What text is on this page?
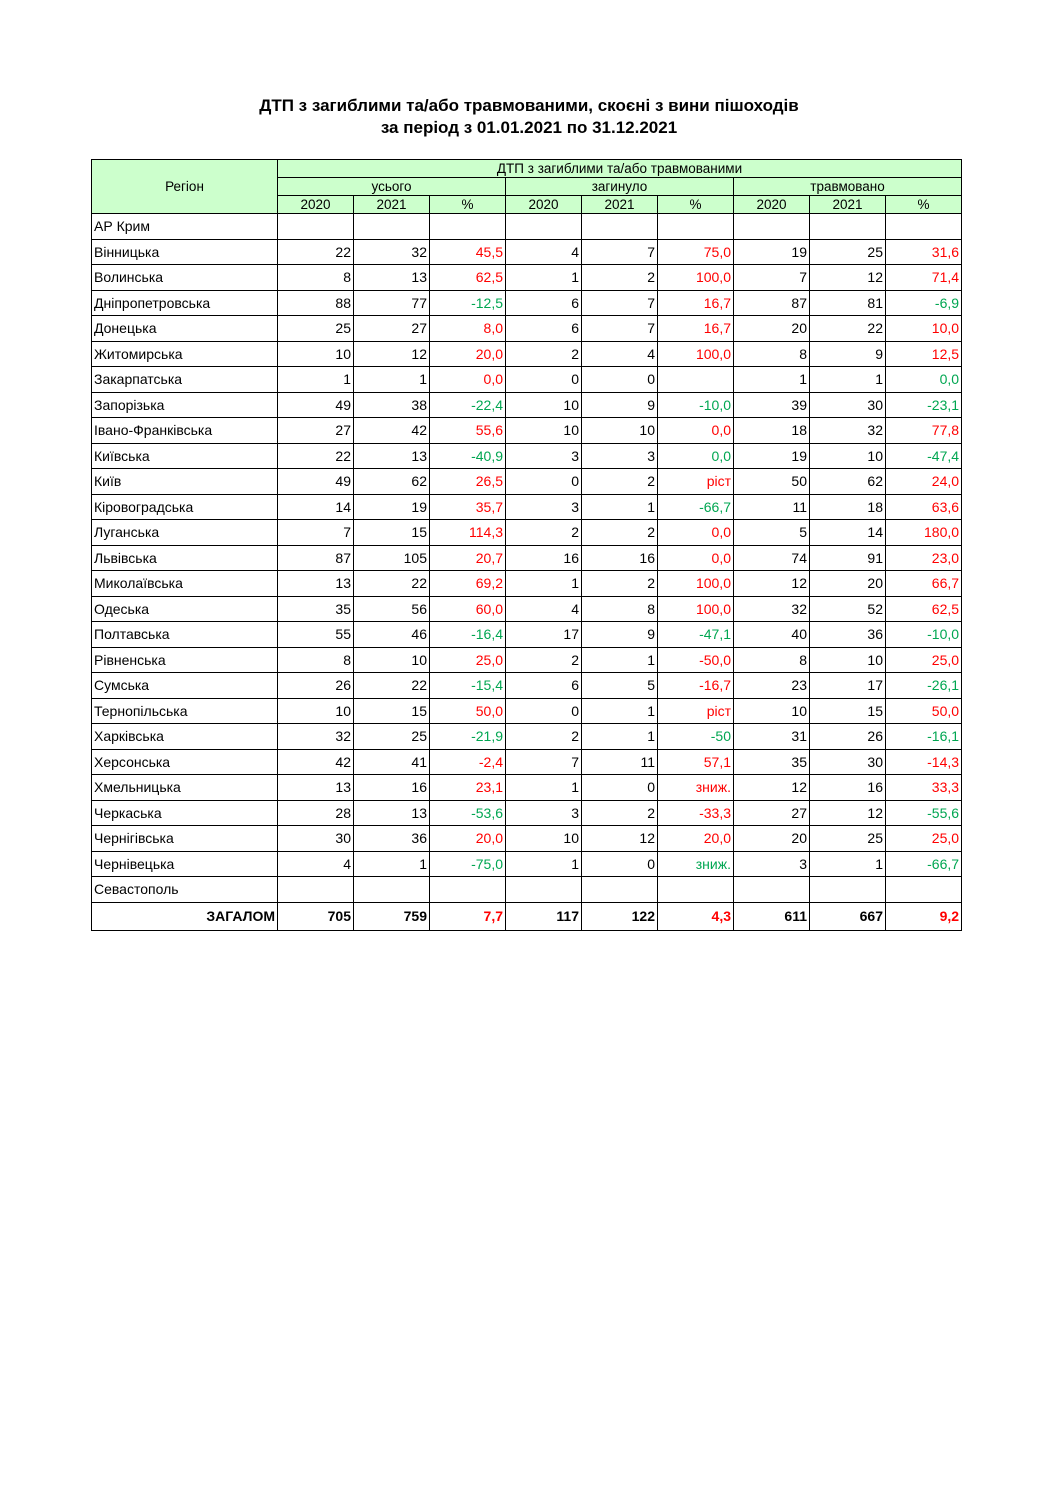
ДТП з загиблими та/або травмованими, скоєні з вини пішоходів
за період з 01.01.2021 по 31.12.2021
Регіон	ДТП з загиблими та/або травмованими								
	усього			загинуло			травмовано		
	2020	2021	%	2020	2021	%	2020	2021	%
АР Крим									
Вінницька	22	32	45,5	4	7	75,0	19	25	31,6
Волинська	8	13	62,5	1	2	100,0	7	12	71,4
Дніпропетровська	88	77	-12,5	6	7	16,7	87	81	-6,9
Донецька	25	27	8,0	6	7	16,7	20	22	10,0
Житомирська	10	12	20,0	2	4	100,0	8	9	12,5
Закарпатська	1	1	0,0	0	0		1	1	0,0
Запорізька	49	38	-22,4	10	9	-10,0	39	30	-23,1
Івано-Франківська	27	42	55,6	10	10	0,0	18	32	77,8
Київська	22	13	-40,9	3	3	0,0	19	10	-47,4
Київ	49	62	26,5	0	2	ріст	50	62	24,0
Кіровоградська	14	19	35,7	3	1	-66,7	11	18	63,6
Луганська	7	15	114,3	2	2	0,0	5	14	180,0
Львівська	87	105	20,7	16	16	0,0	74	91	23,0
Миколаївська	13	22	69,2	1	2	100,0	12	20	66,7
Одеська	35	56	60,0	4	8	100,0	32	52	62,5
Полтавська	55	46	-16,4	17	9	-47,1	40	36	-10,0
Рівненська	8	10	25,0	2	1	-50,0	8	10	25,0
Сумська	26	22	-15,4	6	5	-16,7	23	17	-26,1
Тернопільська	10	15	50,0	0	1	ріст	10	15	50,0
Харківська	32	25	-21,9	2	1	-50	31	26	-16,1
Херсонська	42	41	-2,4	7	11	57,1	35	30	-14,3
Хмельницька	13	16	23,1	1	0	зниж.	12	16	33,3
Черкаська	28	13	-53,6	3	2	-33,3	27	12	-55,6
Чернігівська	30	36	20,0	10	12	20,0	20	25	25,0
Чернівецька	4	1	-75,0	1	0	зниж.	3	1	-66,7
Севастополь									
ЗАГАЛОМ	705	759	7,7	117	122	4,3	611	667	9,2
